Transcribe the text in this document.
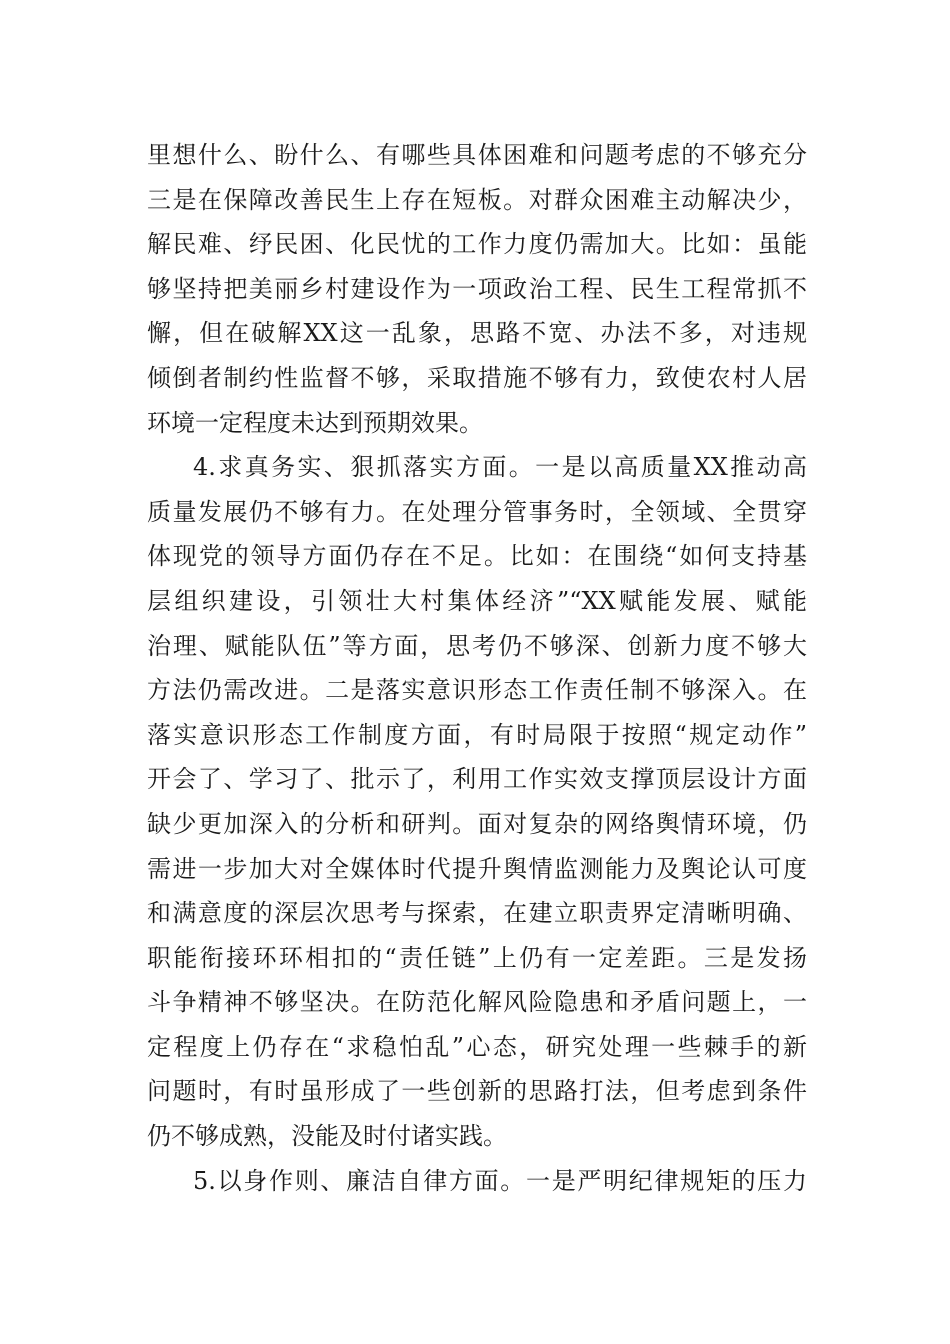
里想什么、盼什么、有哪些具体困难和问题考虑的不够充分
三是在保障改善民生上存在短板。对群众困难主动解决少，
解民难、纾民困、化民忧的工作力度仍需加大。比如：虽能
够坚持把美丽乡村建设作为一项政治工程、民生工程常抓不
懈，但在破解XX这一乱象，思路不宽、办法不多，对违规
倾倒者制约性监督不够，采取措施不够有力，致使农村人居
环境一定程度未达到预期效果。
4.求真务实、狠抓落实方面。一是以高质量XX推动高
质量发展仍不够有力。在处理分管事务时，全领域、全贯穿
体现党的领导方面仍存在不足。比如：在围绕“如何支持基
层组织建设，引领壮大村集体经济”“XX赋能发展、赋能
治理、赋能队伍”等方面，思考仍不够深、创新力度不够大
方法仍需改进。二是落实意识形态工作责任制不够深入。在
落实意识形态工作制度方面，有时局限于按照“规定动作”
开会了、学习了、批示了，利用工作实效支撑顶层设计方面
缺少更加深入的分析和研判。面对复杂的网络舆情环境，仍
需进一步加大对全媒体时代提升舆情监测能力及舆论认可度
和满意度的深层次思考与探索，在建立职责界定清晰明确、
职能衔接环环相扣的“责任链”上仍有一定差距。三是发扬
斗争精神不够坚决。在防范化解风险隐患和矛盾问题上，一
定程度上仍存在“求稳怕乱”心态，研究处理一些棘手的新
问题时，有时虽形成了一些创新的思路打法，但考虑到条件
仍不够成熟，没能及时付诸实践。
5.以身作则、廉洁自律方面。一是严明纪律规矩的压力
